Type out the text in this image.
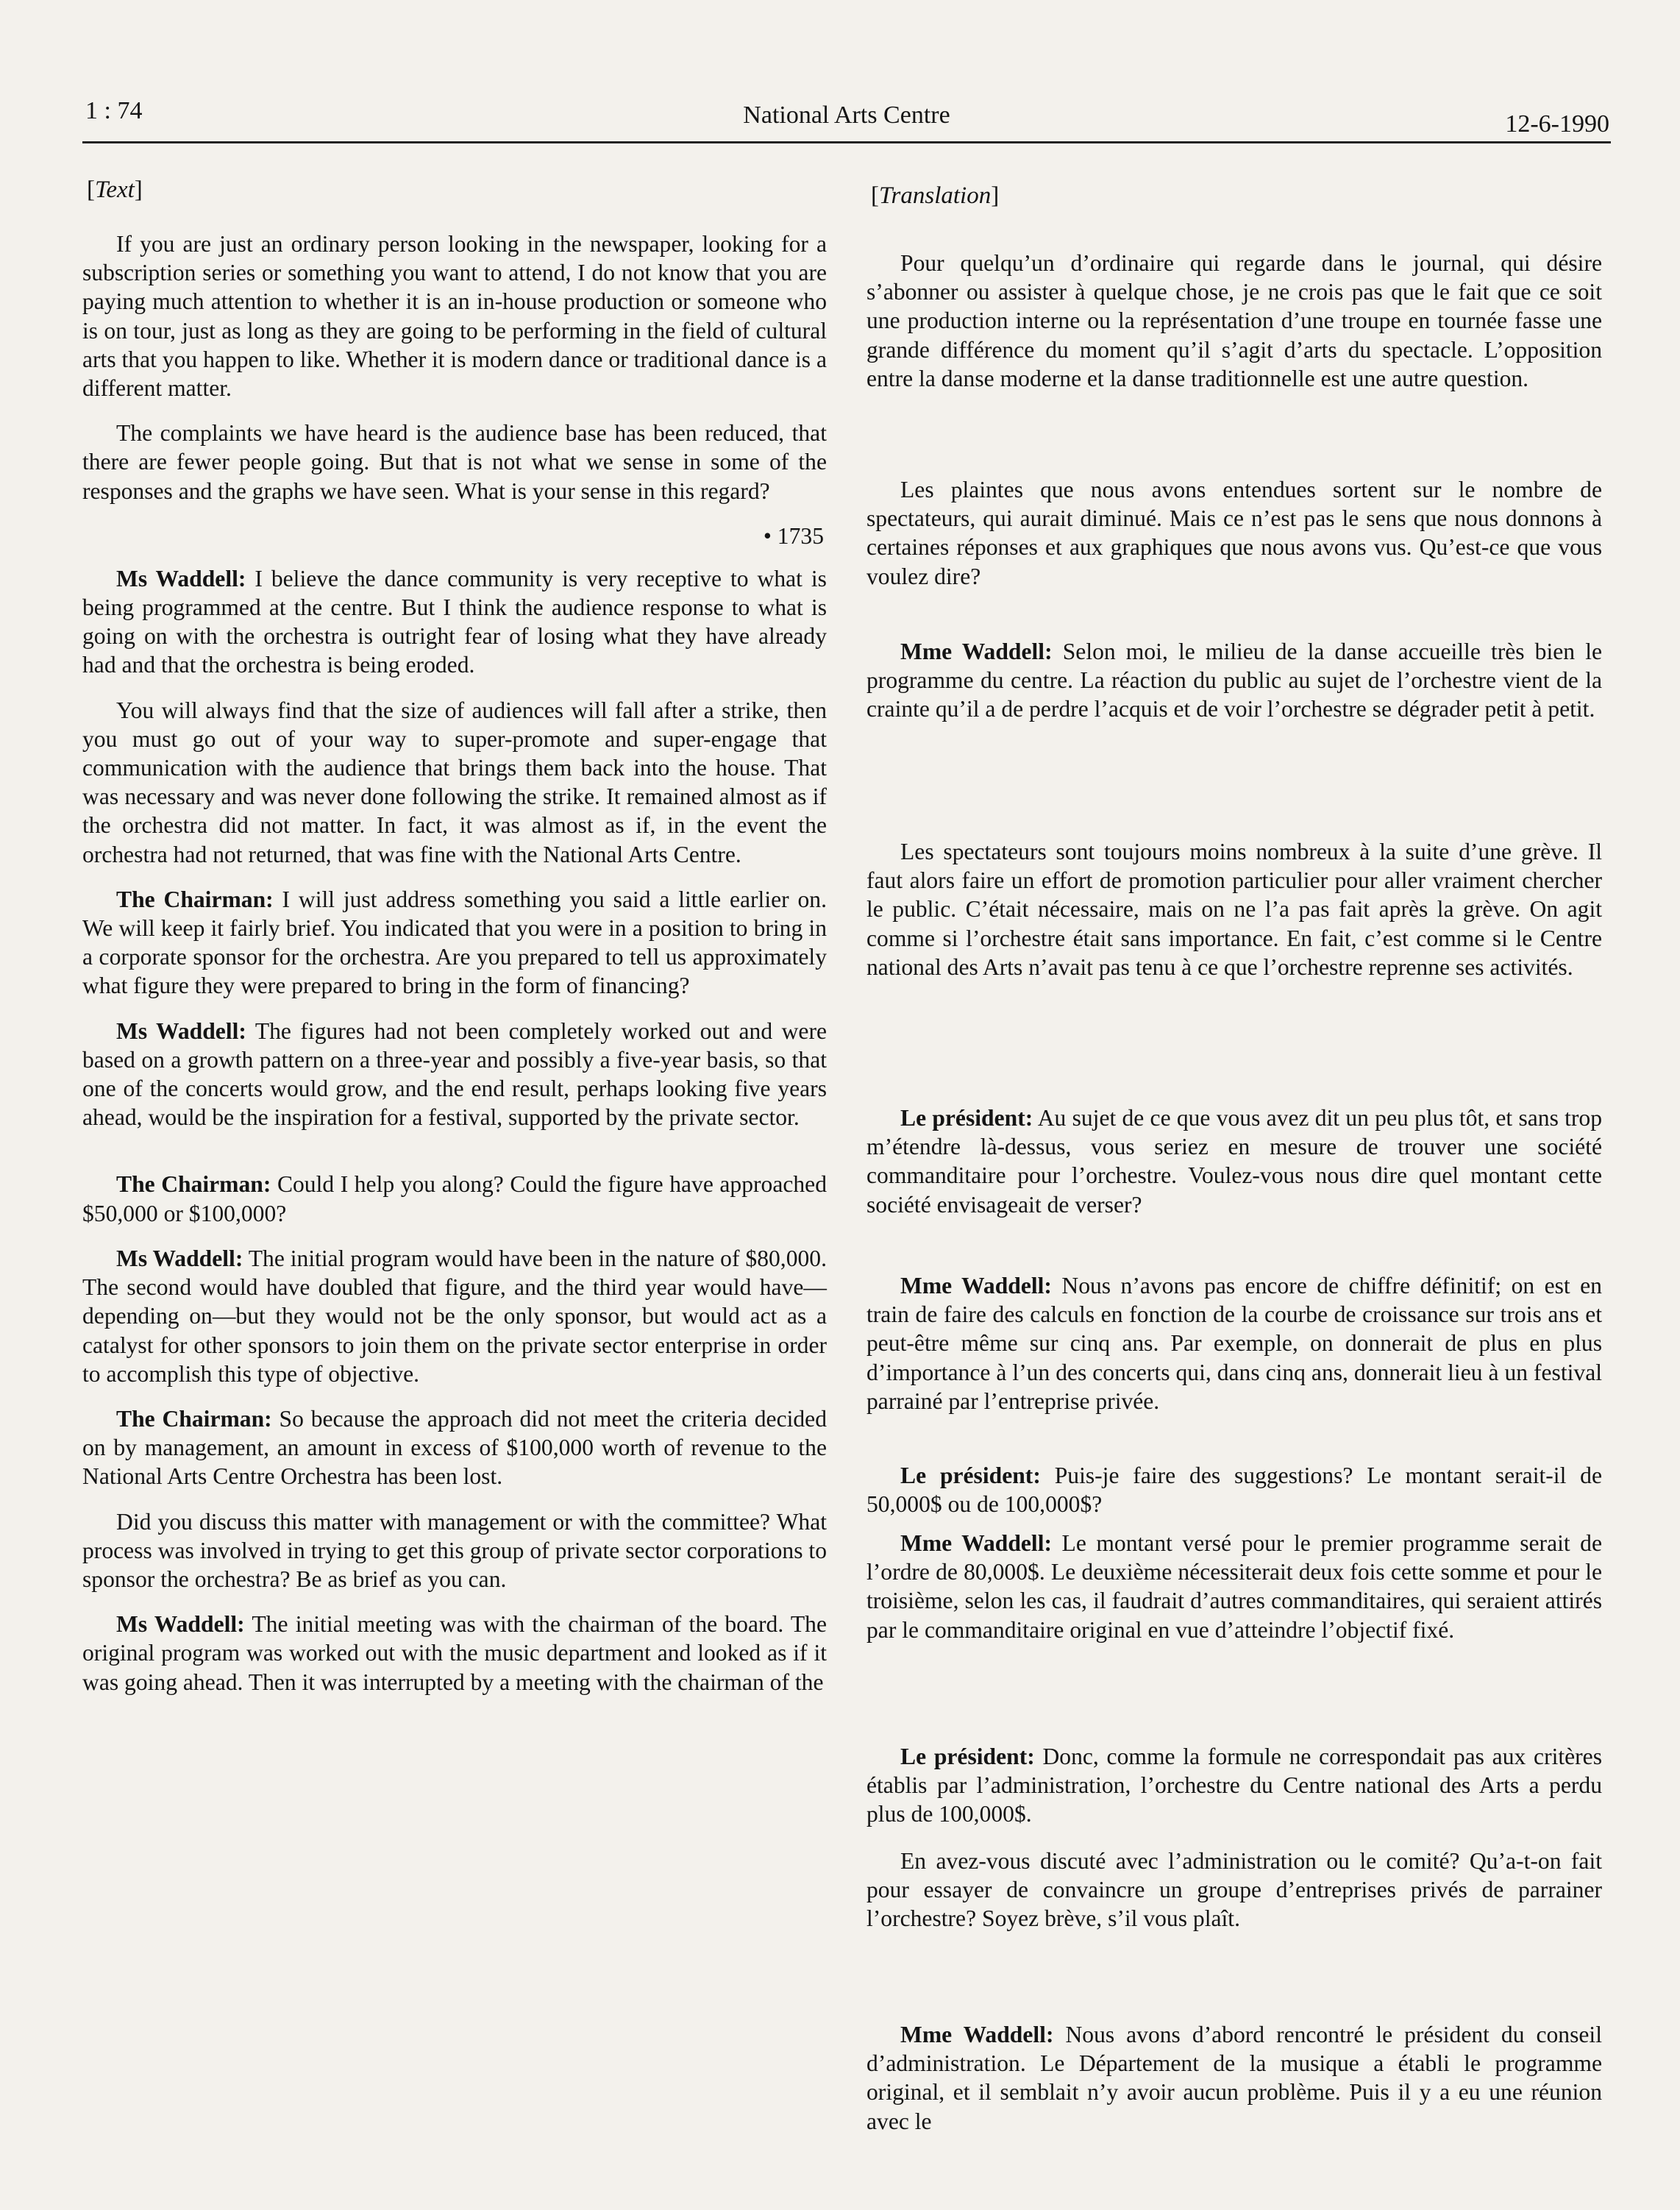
1 : 74	National Arts Centre	12-6-1990
[Text]

If you are just an ordinary person looking in the newspaper, looking for a subscription series or something you want to attend, I do not know that you are paying much attention to whether it is an in-house production or someone who is on tour, just as long as they are going to be performing in the field of cultural arts that you happen to like. Whether it is modern dance or traditional dance is a different matter.

The complaints we have heard is the audience base has been reduced, that there are fewer people going. But that is not what we sense in some of the responses and the graphs we have seen. What is your sense in this regard?

• 1735

Ms Waddell: I believe the dance community is very receptive to what is being programmed at the centre. But I think the audience response to what is going on with the orchestra is outright fear of losing what they have already had and that the orchestra is being eroded.

You will always find that the size of audiences will fall after a strike, then you must go out of your way to super-promote and super-engage that communication with the audience that brings them back into the house. That was necessary and was never done following the strike. It remained almost as if the orchestra did not matter. In fact, it was almost as if, in the event the orchestra had not returned, that was fine with the National Arts Centre.

The Chairman: I will just address something you said a little earlier on. We will keep it fairly brief. You indicated that you were in a position to bring in a corporate sponsor for the orchestra. Are you prepared to tell us approximately what figure they were prepared to bring in the form of financing?

Ms Waddell: The figures had not been completely worked out and were based on a growth pattern on a three-year and possibly a five-year basis, so that one of the concerts would grow, and the end result, perhaps looking five years ahead, would be the inspiration for a festival, supported by the private sector.

The Chairman: Could I help you along? Could the figure have approached $50,000 or $100,000?

Ms Waddell: The initial program would have been in the nature of $80,000. The second would have doubled that figure, and the third year would have—depending on—but they would not be the only sponsor, but would act as a catalyst for other sponsors to join them on the private sector enterprise in order to accomplish this type of objective.

The Chairman: So because the approach did not meet the criteria decided on by management, an amount in excess of $100,000 worth of revenue to the National Arts Centre Orchestra has been lost.

Did you discuss this matter with management or with the committee? What process was involved in trying to get this group of private sector corporations to sponsor the orchestra? Be as brief as you can.

Ms Waddell: The initial meeting was with the chairman of the board. The original program was worked out with the music department and looked as if it was going ahead. Then it was interrupted by a meeting with the chairman of the

[Translation]

Pour quelqu’un d’ordinaire qui regarde dans le journal, qui désire s’abonner ou assister à quelque chose, je ne crois pas que le fait que ce soit une production interne ou la représentation d’une troupe en tournée fasse une grande différence du moment qu’il s’agit d’arts du spectacle. L’opposition entre la danse moderne et la danse traditionnelle est une autre question.

Les plaintes que nous avons entendues sortent sur le nombre de spectateurs, qui aurait diminué. Mais ce n’est pas le sens que nous donnons à certaines réponses et aux graphiques que nous avons vus. Qu’est-ce que vous voulez dire?

Mme Waddell: Selon moi, le milieu de la danse accueille très bien le programme du centre. La réaction du public au sujet de l’orchestre vient de la crainte qu’il a de perdre l’acquis et de voir l’orchestre se dégrader petit à petit.

Les spectateurs sont toujours moins nombreux à la suite d’une grève. Il faut alors faire un effort de promotion particulier pour aller vraiment chercher le public. C’était nécessaire, mais on ne l’a pas fait après la grève. On agit comme si l’orchestre était sans importance. En fait, c’est comme si le Centre national des Arts n’avait pas tenu à ce que l’orchestre reprenne ses activités.

Le président: Au sujet de ce que vous avez dit un peu plus tôt, et sans trop m’étendre là-dessus, vous seriez en mesure de trouver une société commanditaire pour l’orchestre. Voulez-vous nous dire quel montant cette société envisageait de verser?

Mme Waddell: Nous n’avons pas encore de chiffre définitif; on est en train de faire des calculs en fonction de la courbe de croissance sur trois ans et peut-être même sur cinq ans. Par exemple, on donnerait de plus en plus d’importance à l’un des concerts qui, dans cinq ans, donnerait lieu à un festival parrainé par l’entreprise privée.

Le président: Puis-je faire des suggestions? Le montant serait-il de 50,000$ ou de 100,000$?

Mme Waddell: Le montant versé pour le premier programme serait de l’ordre de 80,000$. Le deuxième nécessiterait deux fois cette somme et pour le troisième, selon les cas, il faudrait d’autres commanditaires, qui seraient attirés par le commanditaire original en vue d’atteindre l’objectif fixé.

Le président: Donc, comme la formule ne correspondait pas aux critères établis par l’administration, l’orchestre du Centre national des Arts a perdu plus de 100,000$.

En avez-vous discuté avec l’administration ou le comité? Qu’a-t-on fait pour essayer de convaincre un groupe d’entreprises privés de parrainer l’orchestre? Soyez brève, s’il vous plaît.

Mme Waddell: Nous avons d’abord rencontré le président du conseil d’administration. Le Département de la musique a établi le programme original, et il semblait n’y avoir aucun problème. Puis il y a eu une réunion avec le
